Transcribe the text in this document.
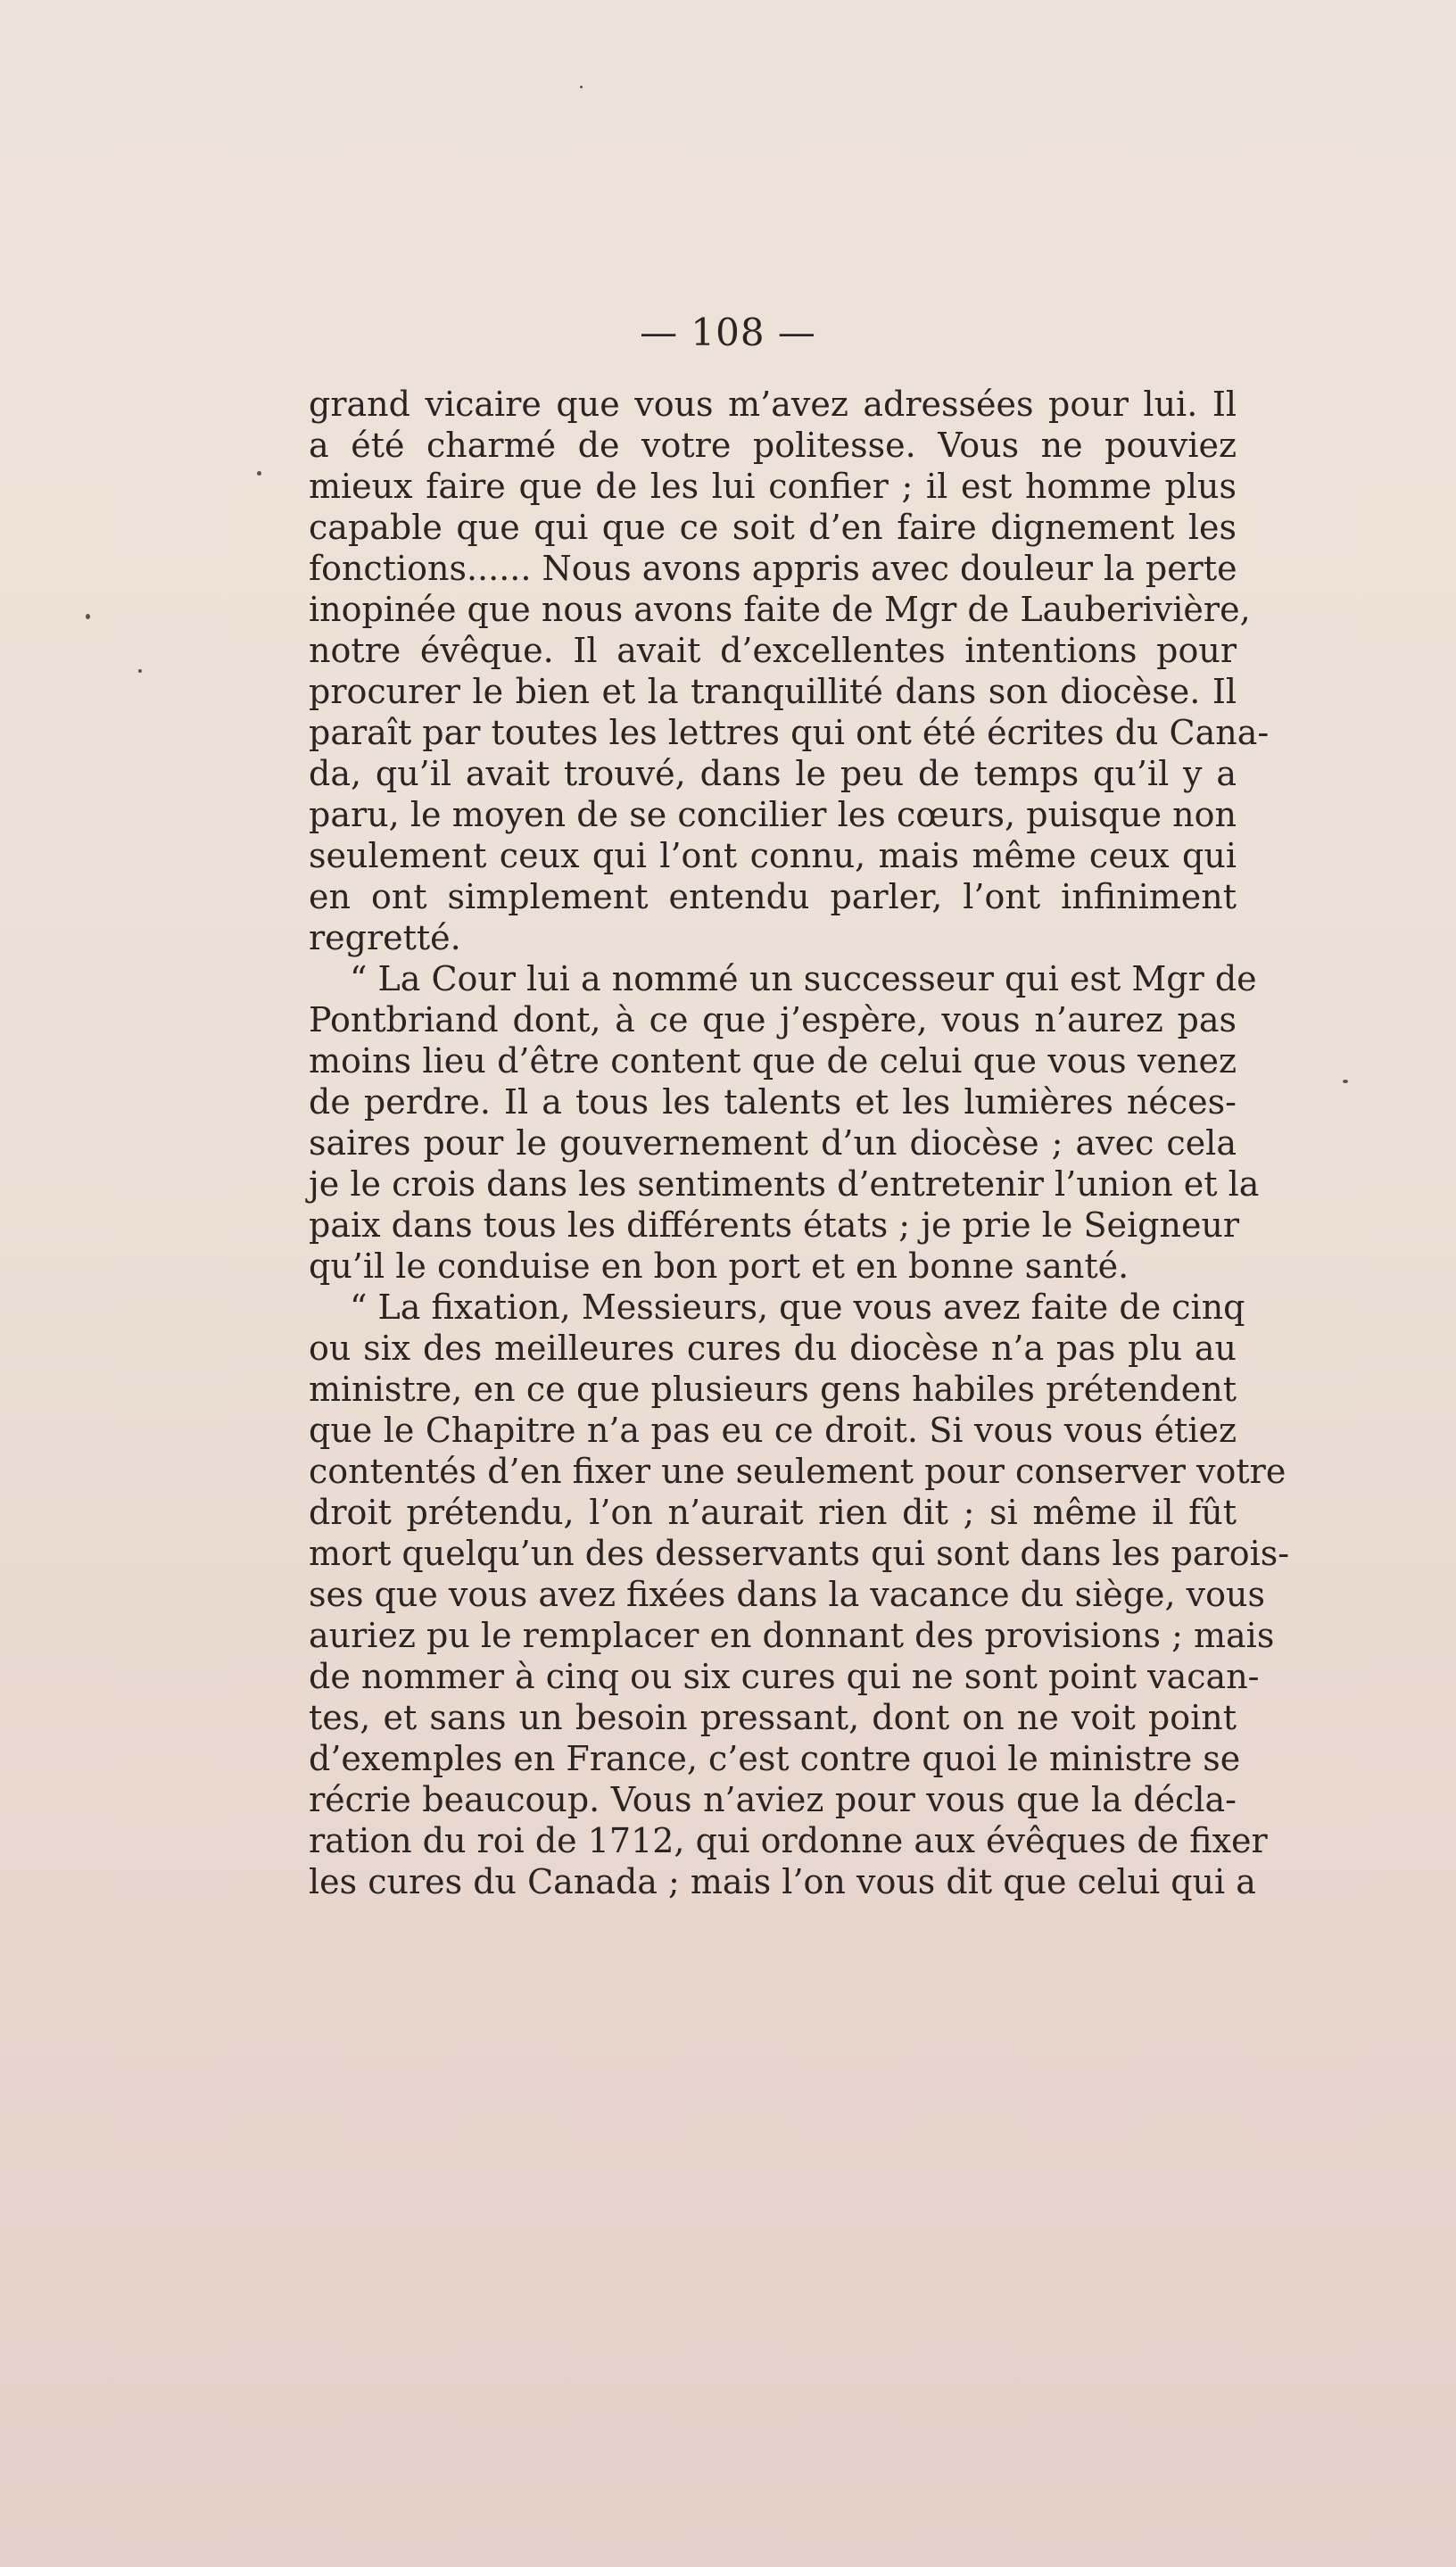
— 108 —
grand vicaire que vous m’avez adressées pour lui. Il
a été charmé de votre politesse. Vous ne pouviez
mieux faire que de les lui confier ; il est homme plus
capable que qui que ce soit d’en faire dignement les
fonctions...... Nous avons appris avec douleur la perte
inopinée que nous avons faite de Mgr de Lauberivière,
notre évêque. Il avait d’excellentes intentions pour
procurer le bien et la tranquillité dans son diocèse. Il
paraît par toutes les lettres qui ont été écrites du Cana-
da, qu’il avait trouvé, dans le peu de temps qu’il y a
paru, le moyen de se concilier les cœurs, puisque non
seulement ceux qui l’ont connu, mais même ceux qui
en ont simplement entendu parler, l’ont infiniment
regretté.
“ La Cour lui a nommé un successeur qui est Mgr de
Pontbriand dont, à ce que j’espère, vous n’aurez pas
moins lieu d’être content que de celui que vous venez
de perdre. Il a tous les talents et les lumières néces-
saires pour le gouvernement d’un diocèse ; avec cela
je le crois dans les sentiments d’entretenir l’union et la
paix dans tous les différents états ; je prie le Seigneur
qu’il le conduise en bon port et en bonne santé.
“ La fixation, Messieurs, que vous avez faite de cinq
ou six des meilleures cures du diocèse n’a pas plu au
ministre, en ce que plusieurs gens habiles prétendent
que le Chapitre n’a pas eu ce droit. Si vous vous étiez
contentés d’en fixer une seulement pour conserver votre
droit prétendu, l’on n’aurait rien dit ; si même il fût
mort quelqu’un des desservants qui sont dans les parois-
ses que vous avez fixées dans la vacance du siège, vous
auriez pu le remplacer en donnant des provisions ; mais
de nommer à cinq ou six cures qui ne sont point vacan-
tes, et sans un besoin pressant, dont on ne voit point
d’exemples en France, c’est contre quoi le ministre se
récrie beaucoup. Vous n’aviez pour vous que la décla-
ration du roi de 1712, qui ordonne aux évêques de fixer
les cures du Canada ; mais l’on vous dit que celui qui a
